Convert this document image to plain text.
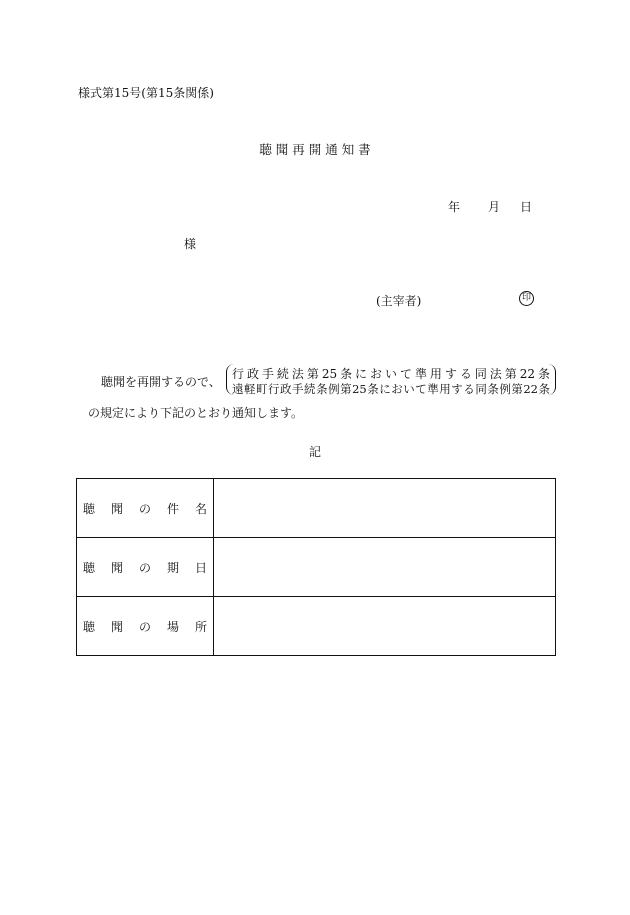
様式第15号(第15条関係)
聴 聞 再 開 通 知 書
年 月 日
様
(主宰者)	印
聴聞を再開するので、
行政手続法第25条において準用する同法第22条
遠軽町行政手続条例第25条において準用する同条例第22条
の規定により下記のとおり通知します。
記
聴 聞 の 件 名	
聴 聞 の 期 日	
聴 聞 の 場 所	
